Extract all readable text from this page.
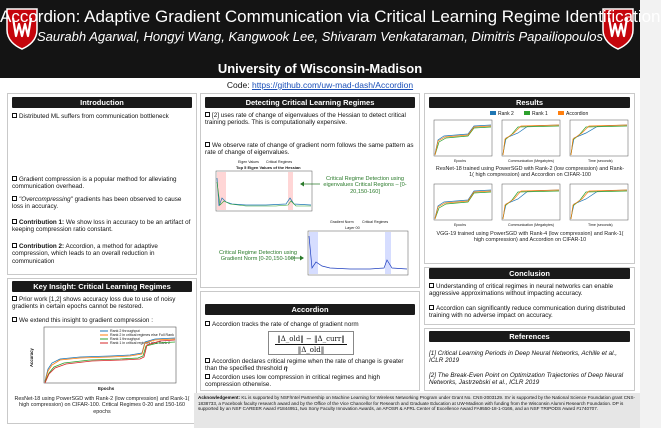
Accordion: Adaptive Gradient Communication via Critical Learning Regime Identification
Saurabh Agarwal, Hongyi Wang, Kangwook Lee, Shivaram Venkataraman, Dimitris Papailiopoulos
University of Wisconsin-Madison
Code: https://github.com/uw-mad-dash/Accordion
Introduction
Distributed ML suffers from communication bottleneck
Gradient compression is a popular method for alleviating communication overhead.
"Overcompressing" gradients has been observed to cause loss in accuracy.
Contribution 1: We show loss in accuracy to be an artifact of keeping compression ratio constant.
Contribution 2: Accordion, a method for adaptive compression, which leads to an overall reduction in communication
Key Insight: Critical Learning Regimes
Prior work [1,2] shows accuracy loss due to use of noisy gradients in certain epochs cannot be restored.
We extend this insight to gradient compression :
Rank 2 throughput
Rank 2 in critical regimes else Full Rank
Rank 1 throughput
Rank 1 in critical regimes else Rank 2
Accuracy
Epochs
ResNet-18 using PowerSGD with Rank-2 (low compression) and Rank-1( high compression) on CIFAR-100. Critical Regimes 0-20 and 150-160 epochs
Detecting Critical Learning Regimes
[2] uses rate of change of eigenvalues of the Hessian to detect critical training periods. This is computationally expensive.
We observe rate of change of gradient norm follows the same pattern as rate of change of eigenvalues.
Eigen Values Critical Regimes
Top 5 Eigen Values of the Hessian
Critical Regime Detection using eigenvalues Critical Regions – [0-20,150-160]
Gradient Norm Critical Regimes
Layer 00
Critical Regime Detection using Gradient Norm [0-20,150-160]
Accordion
Accordion tracks the rate of change of gradient norm
‖Δ_old‖ − ‖Δ_curr‖
‖Δ_old‖
Accordion declares critical regime when the rate of change is greater than the specified threshold η
Accordion uses low compression in critical regimes and high compression otherwise.
Results
Rank 2	Rank 1	Accordion
Epochs	Communication (Megabytes)	Time (seconds)
ResNet-18 trained using PowerSGD with Rank-2 (low compression) and Rank-1( high compression) and Accordion on CIFAR-100
Epochs	Communication (Megabytes)	Time (seconds)
VGG-19 trained using PowerSGD with Rank-4 (low compression) and Rank-1( high compression) and Accordion on CIFAR-10
Conclusion
Understanding of critical regimes in neural networks can enable aggressive approximations without impacting accuracy.
Accordion can significantly reduce communication during distributed training with no adverse impact on accuracy.
References
[1] Critical Learning Periods in Deep Neural Networks, Achille et al., ICLR 2019
[2] The Break-Even Point on Optimization Trajectories of Deep Neural Networks, Jastrzebski et al., ICLR 2019
Acknowledgement: KL is supported by NSF/Intel Partnership on Machine Learning for Wireless Networking Program under Grant No. CNS-2003129. SV is supported by the National Science Foundation grant CNS-1838733, a Facebook faculty research award and by the Office of the Vice Chancellor for Research and Graduate Education at UW-Madison with funding from the Wisconsin Alumni Research Foundation. DP is supported by an NSF CAREER Award #1844951, two Sony Faculty Innovation Awards, an AFOSR & AFRL Center of Excellence Award FA9550-18-1-0166, and an NSF TRIPODS Award #1740707.
